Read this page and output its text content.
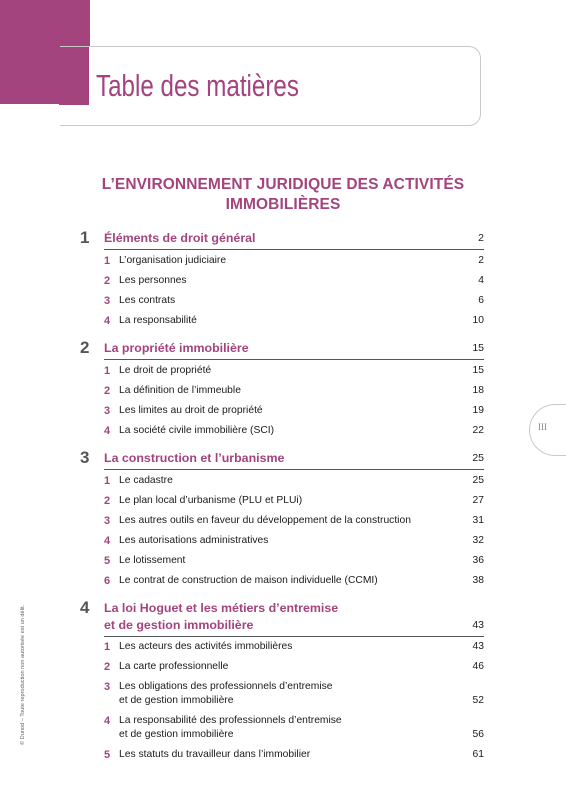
Table des matières
L’ENVIRONNEMENT JURIDIQUE DES ACTIVITÉS IMMOBILIÈRES
III
© Dunod – Toute reproduction non autorisée est un délit.
1	Éléments de droit général	2
1 L’organisation judiciaire	2
2 Les personnes	4
3 Les contrats	6
4 La responsabilité	10
2	La propriété immobilière	15
1 Le droit de propriété	15
2 La définition de l’immeuble	18
3 Les limites au droit de propriété	19
4 La société civile immobilière (SCI)	22
3	La construction et l’urbanisme	25
1 Le cadastre	25
2 Le plan local d’urbanisme (PLU et PLUi)	27
3 Les autres outils en faveur du développement de la construction	31
4 Les autorisations administratives	32
5 Le lotissement	36
6 Le contrat de construction de maison individuelle (CCMI)	38
4	La loi Hoguet et les métiers d’entremise
et de gestion immobilière	43
1 Les acteurs des activités immobilières	43
2 La carte professionnelle	46
3 Les obligations des professionnels d’entremise
et de gestion immobilière	52
4 La responsabilité des professionnels d’entremise
et de gestion immobilière	56
5 Les statuts du travailleur dans l’immobilier	61
